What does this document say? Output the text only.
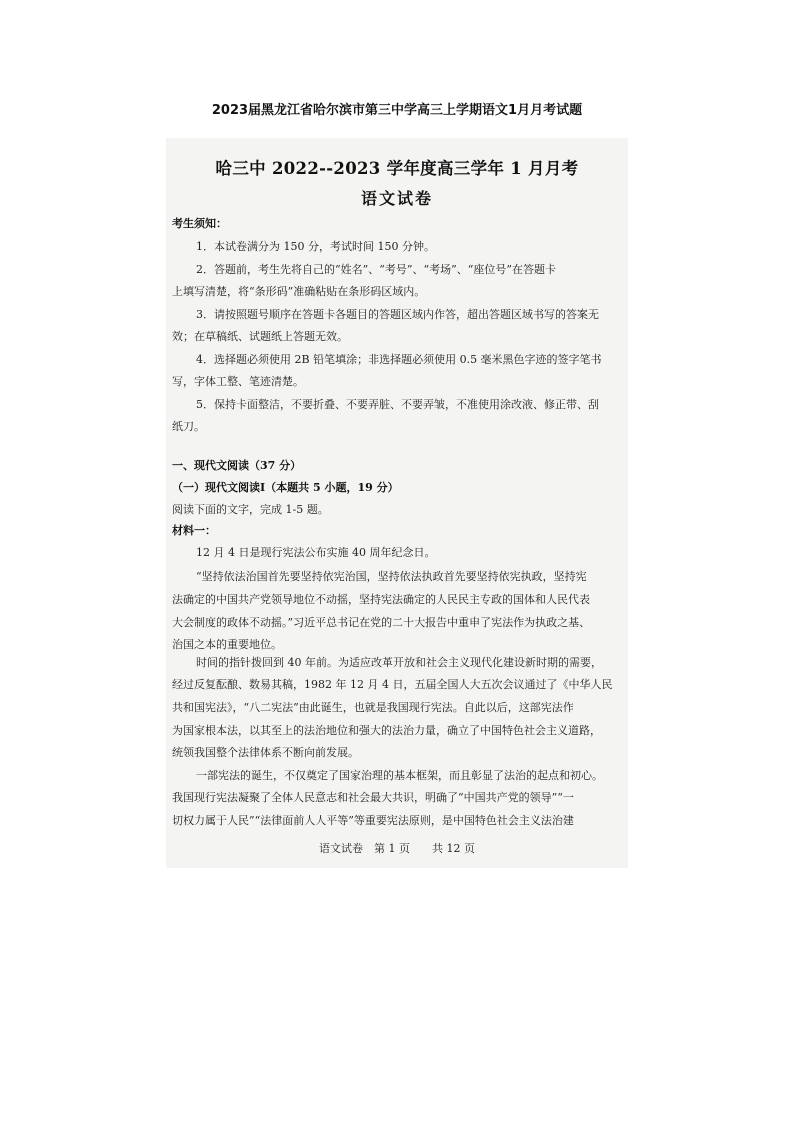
2023届黑龙江省哈尔滨市第三中学高三上学期语文1月月考试题
哈三中 2022--2023 学年度高三学年 1 月月考
语文试卷
考生须知：
1．本试卷满分为 150 分，考试时间 150 分钟。
2．答题前，考生先将自己的“姓名”、“考号”、“考场”、“座位号”在答题卡
上填写清楚，将“条形码”准确粘贴在条形码区域内。
3．请按照题号顺序在答题卡各题目的答题区域内作答，超出答题区域书写的答案无
效；在草稿纸、试题纸上答题无效。
4．选择题必须使用 2B 铅笔填涂；非选择题必须使用 0.5 毫米黑色字迹的签字笔书
写，字体工整、笔迹清楚。
5．保持卡面整洁，不要折叠、不要弄脏、不要弄皱，不准使用涂改液、修正带、刮
纸刀。
一、现代文阅读（37 分）
（一）现代文阅读Ⅰ（本题共 5 小题，19 分）
阅读下面的文字，完成 1-5 题。
材料一：
12 月 4 日是现行宪法公布实施 40 周年纪念日。
“坚持依法治国首先要坚持依宪治国，坚持依法执政首先要坚持依宪执政，坚持宪
法确定的中国共产党领导地位不动摇，坚持宪法确定的人民民主专政的国体和人民代表
大会制度的政体不动摇。”习近平总书记在党的二十大报告中重申了宪法作为执政之基、
治国之本的重要地位。
时间的指针拨回到 40 年前。为适应改革开放和社会主义现代化建设新时期的需要，
经过反复酝酿、数易其稿，1982 年 12 月 4 日，五届全国人大五次会议通过了《中华人民
共和国宪法》，“八二宪法”由此诞生，也就是我国现行宪法。自此以后，这部宪法作
为国家根本法，以其至上的法治地位和强大的法治力量，确立了中国特色社会主义道路，
统领我国整个法律体系不断向前发展。
一部宪法的诞生，不仅奠定了国家治理的基本框架，而且彰显了法治的起点和初心。
我国现行宪法凝聚了全体人民意志和社会最大共识，明确了“中国共产党的领导”“一
切权力属于人民”“法律面前人人平等”等重要宪法原则，是中国特色社会主义法治建
语文试卷　第 1 页　　共 12 页
